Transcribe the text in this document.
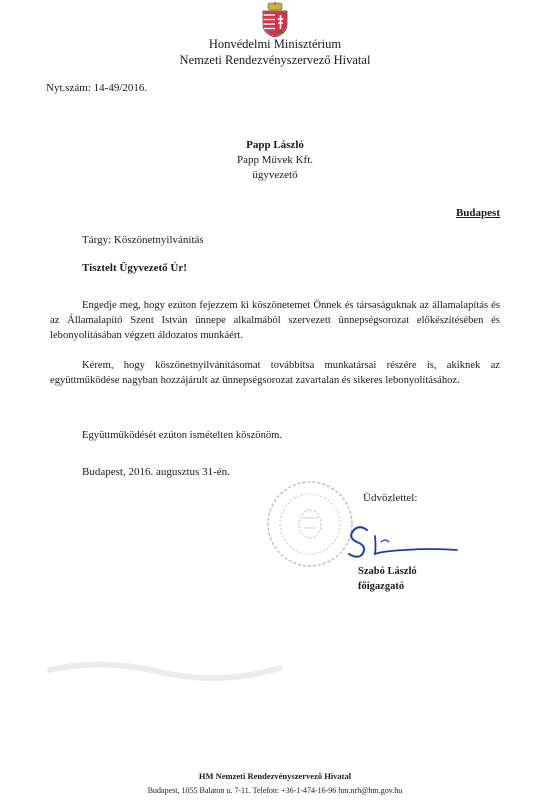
Honvédelmi Minisztérium
Nemzeti Rendezvényszervező Hivatal
Nyt.szám: 14-49/2016.
Papp László
Papp Művek Kft.
ügyvezető
Budapest
Tárgy: Köszönetnyilvánítás
Tisztelt Ügyvezető Úr!
Engedje meg, hogy ezúton fejezzem ki köszönetemet Önnek és társaságuknak az államalapítás és az Államalapító Szent István ünnepe alkalmából szervezett ünnepségsorozat előkészítésében és lebonyolításában végzett áldozatos munkáért.
Kérem, hogy köszönetnyilvánításomat továbbítsa munkatársai részére is, akiknek az együttműködése nagyban hozzájárult az ünnepségsorozat zavartalan és sikeres lebonyolításához.
Együttműködését ezúton ismételten köszönöm.
Budapest, 2016. augusztus 31-én.
Üdvözlettel:
Szabó László
főigazgató
HM Nemzeti Rendezvényszervező Hivatal
Budapest, 1055 Balaton u. 7-11. Telefon: +36-1-474-16-96 hm.nrh@hm.gov.hu
